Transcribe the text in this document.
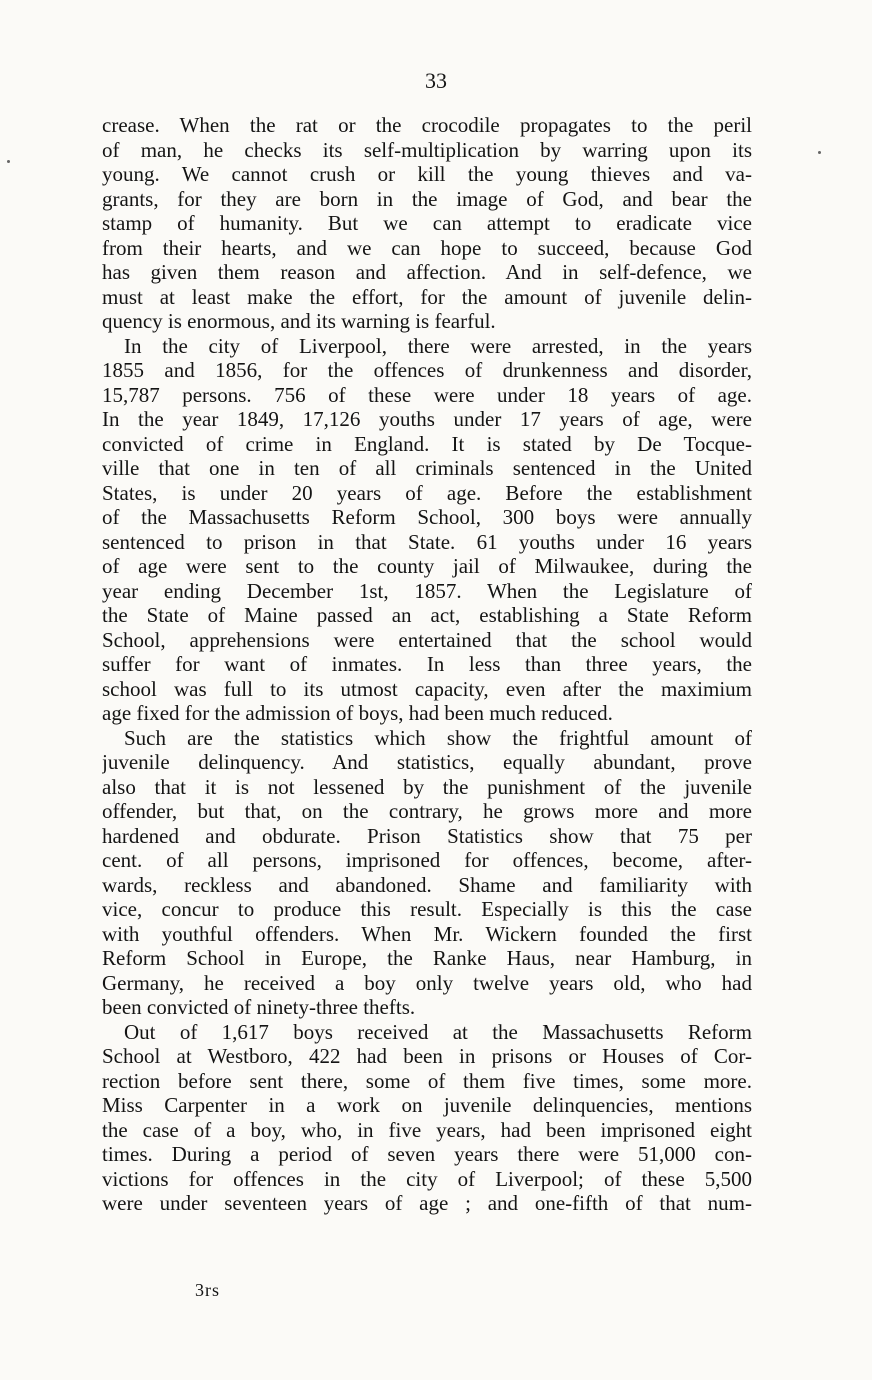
33
crease. When the rat or the crocodile propagates to the peril
of man, he checks its self-multiplication by warring upon its
young. We cannot crush or kill the young thieves and va-
grants, for they are born in the image of God, and bear the
stamp of humanity. But we can attempt to eradicate vice
from their hearts, and we can hope to succeed, because God
has given them reason and affection. And in self-defence, we
must at least make the effort, for the amount of juvenile delin-
quency is enormous, and its warning is fearful.
In the city of Liverpool, there were arrested, in the years
1855 and 1856, for the offences of drunkenness and disorder,
15,787 persons. 756 of these were under 18 years of age.
In the year 1849, 17,126 youths under 17 years of age, were
convicted of crime in England. It is stated by De Tocque-
ville that one in ten of all criminals sentenced in the United
States, is under 20 years of age. Before the establishment
of the Massachusetts Reform School, 300 boys were annually
sentenced to prison in that State. 61 youths under 16 years
of age were sent to the county jail of Milwaukee, during the
year ending December 1st, 1857. When the Legislature of
the State of Maine passed an act, establishing a State Reform
School, apprehensions were entertained that the school would
suffer for want of inmates. In less than three years, the
school was full to its utmost capacity, even after the maximium
age fixed for the admission of boys, had been much reduced.
Such are the statistics which show the frightful amount of
juvenile delinquency. And statistics, equally abundant, prove
also that it is not lessened by the punishment of the juvenile
offender, but that, on the contrary, he grows more and more
hardened and obdurate. Prison Statistics show that 75 per
cent. of all persons, imprisoned for offences, become, after-
wards, reckless and abandoned. Shame and familiarity with
vice, concur to produce this result. Especially is this the case
with youthful offenders. When Mr. Wickern founded the first
Reform School in Europe, the Ranke Haus, near Hamburg, in
Germany, he received a boy only twelve years old, who had
been convicted of ninety-three thefts.
Out of 1,617 boys received at the Massachusetts Reform
School at Westboro, 422 had been in prisons or Houses of Cor-
rection before sent there, some of them five times, some more.
Miss Carpenter in a work on juvenile delinquencies, mentions
the case of a boy, who, in five years, had been imprisoned eight
times. During a period of seven years there were 51,000 con-
victions for offences in the city of Liverpool; of these 5,500
were under seventeen years of age ; and one-fifth of that num-
3rs
